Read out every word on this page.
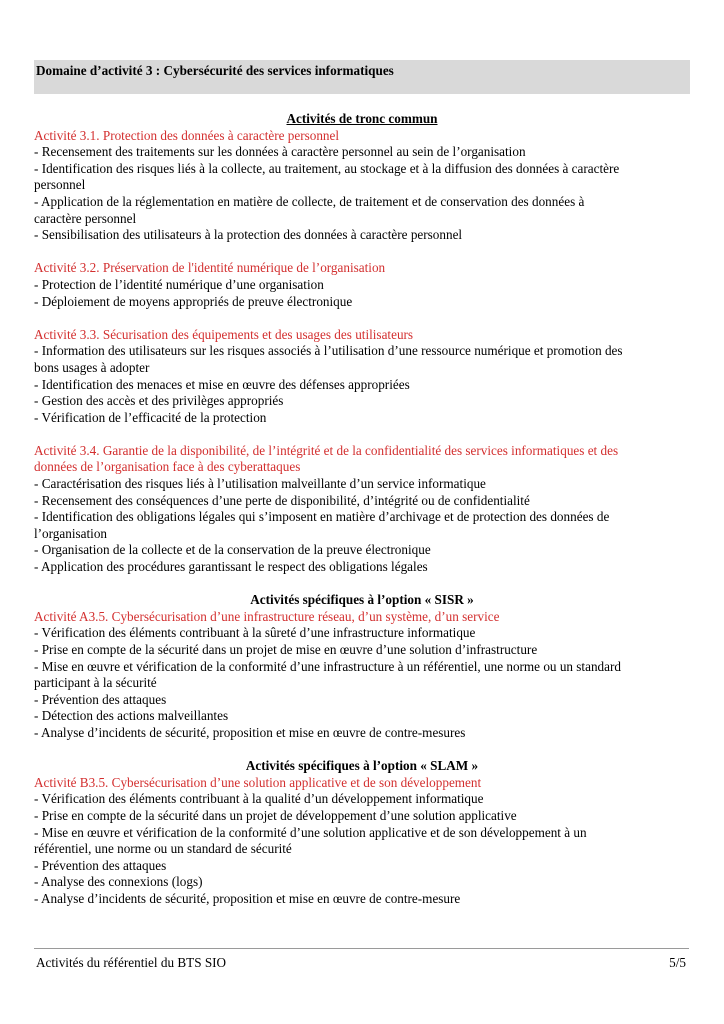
Domaine d’activité 3 : Cybersécurité des services informatiques

Activités de tronc commun

Activité 3.1. Protection des données à caractère personnel

- Recensement des traitements sur les données à caractère personnel au sein de l’organisation

- Identification des risques liés à la collecte, au traitement, au stockage et à la diffusion des données à caractère

personnel

- Application de la réglementation en matière de collecte, de traitement et de conservation des données à

caractère personnel

- Sensibilisation des utilisateurs à la protection des données à caractère personnel

Activité 3.2. Préservation de l'identité numérique de l’organisation

- Protection de l’identité numérique d’une organisation

- Déploiement de moyens appropriés de preuve électronique

Activité 3.3. Sécurisation des équipements et des usages des utilisateurs

- Information des utilisateurs sur les risques associés à l’utilisation d’une ressource numérique et promotion des

bons usages à adopter

- Identification des menaces et mise en œuvre des défenses appropriées

- Gestion des accès et des privilèges appropriés

- Vérification de l’efficacité de la protection

Activité 3.4. Garantie de la disponibilité, de l’intégrité et de la confidentialité des services informatiques et des

données de l’organisation face à des cyberattaques

- Caractérisation des risques liés à l’utilisation malveillante d’un service informatique

- Recensement des conséquences d’une perte de disponibilité, d’intégrité ou de confidentialité

- Identification des obligations légales qui s’imposent en matière d’archivage et de protection des données de

l’organisation

- Organisation de la collecte et de la conservation de la preuve électronique

- Application des procédures garantissant le respect des obligations légales

Activités spécifiques à l’option « SISR »

Activité A3.5. Cybersécurisation d’une infrastructure réseau, d’un système, d’un service

- Vérification des éléments contribuant à la sûreté d’une infrastructure informatique

- Prise en compte de la sécurité dans un projet de mise en œuvre d’une solution d’infrastructure

- Mise en œuvre et vérification de la conformité d’une infrastructure à un référentiel, une norme ou un standard

participant à la sécurité

- Prévention des attaques

- Détection des actions malveillantes

- Analyse d’incidents de sécurité, proposition et mise en œuvre de contre-mesures

Activités spécifiques à l’option « SLAM »

Activité B3.5. Cybersécurisation d’une solution applicative et de son développement

- Vérification des éléments contribuant à la qualité d’un développement informatique

- Prise en compte de la sécurité dans un projet de développement d’une solution applicative

- Mise en œuvre et vérification de la conformité d’une solution applicative et de son développement à un

référentiel, une norme ou un standard de sécurité

- Prévention des attaques

- Analyse des connexions (logs)

- Analyse d’incidents de sécurité, proposition et mise en œuvre de contre-mesure

Activités du référentiel du BTS SIO	5/5
